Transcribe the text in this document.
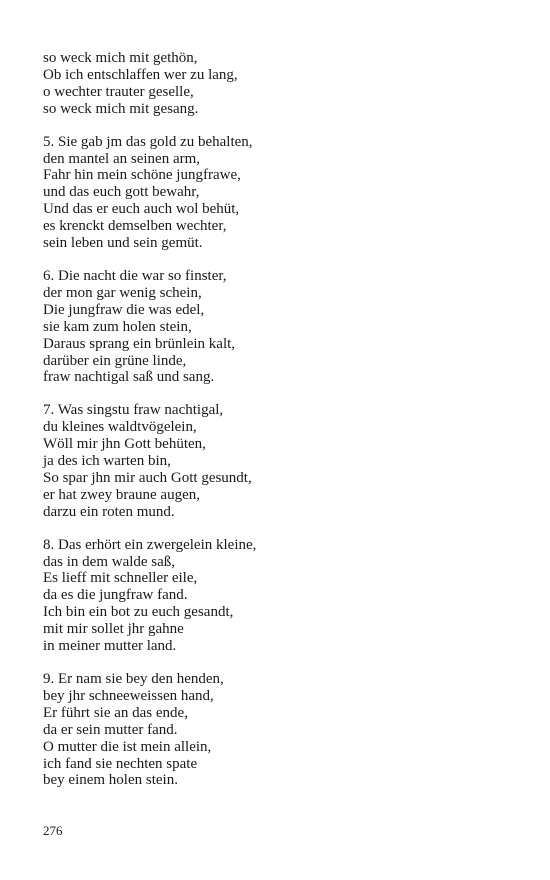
so weck mich mit gethön,
Ob ich entschlaffen wer zu lang,
o wechter trauter geselle,
so weck mich mit gesang.
5. Sie gab jm das gold zu behalten,
den mantel an seinen arm,
Fahr hin mein schöne jungfrawe,
und das euch gott bewahr,
Und das er euch auch wol behüt,
es krenckt demselben wechter,
sein leben und sein gemüt.
6. Die nacht die war so finster,
der mon gar wenig schein,
Die jungfraw die was edel,
sie kam zum holen stein,
Daraus sprang ein brünlein kalt,
darüber ein grüne linde,
fraw nachtigal saß und sang.
7. Was singstu fraw nachtigal,
du kleines waldtvögelein,
Wöll mir jhn Gott behüten,
ja des ich warten bin,
So spar jhn mir auch Gott gesundt,
er hat zwey braune augen,
darzu ein roten mund.
8. Das erhört ein zwergelein kleine,
das in dem walde saß,
Es lieff mit schneller eile,
da es die jungfraw fand.
Ich bin ein bot zu euch gesandt,
mit mir sollet jhr gahne
in meiner mutter land.
9. Er nam sie bey den henden,
bey jhr schneeweissen hand,
Er führt sie an das ende,
da er sein mutter fand.
O mutter die ist mein allein,
ich fand sie nechten spate
bey einem holen stein.
276
